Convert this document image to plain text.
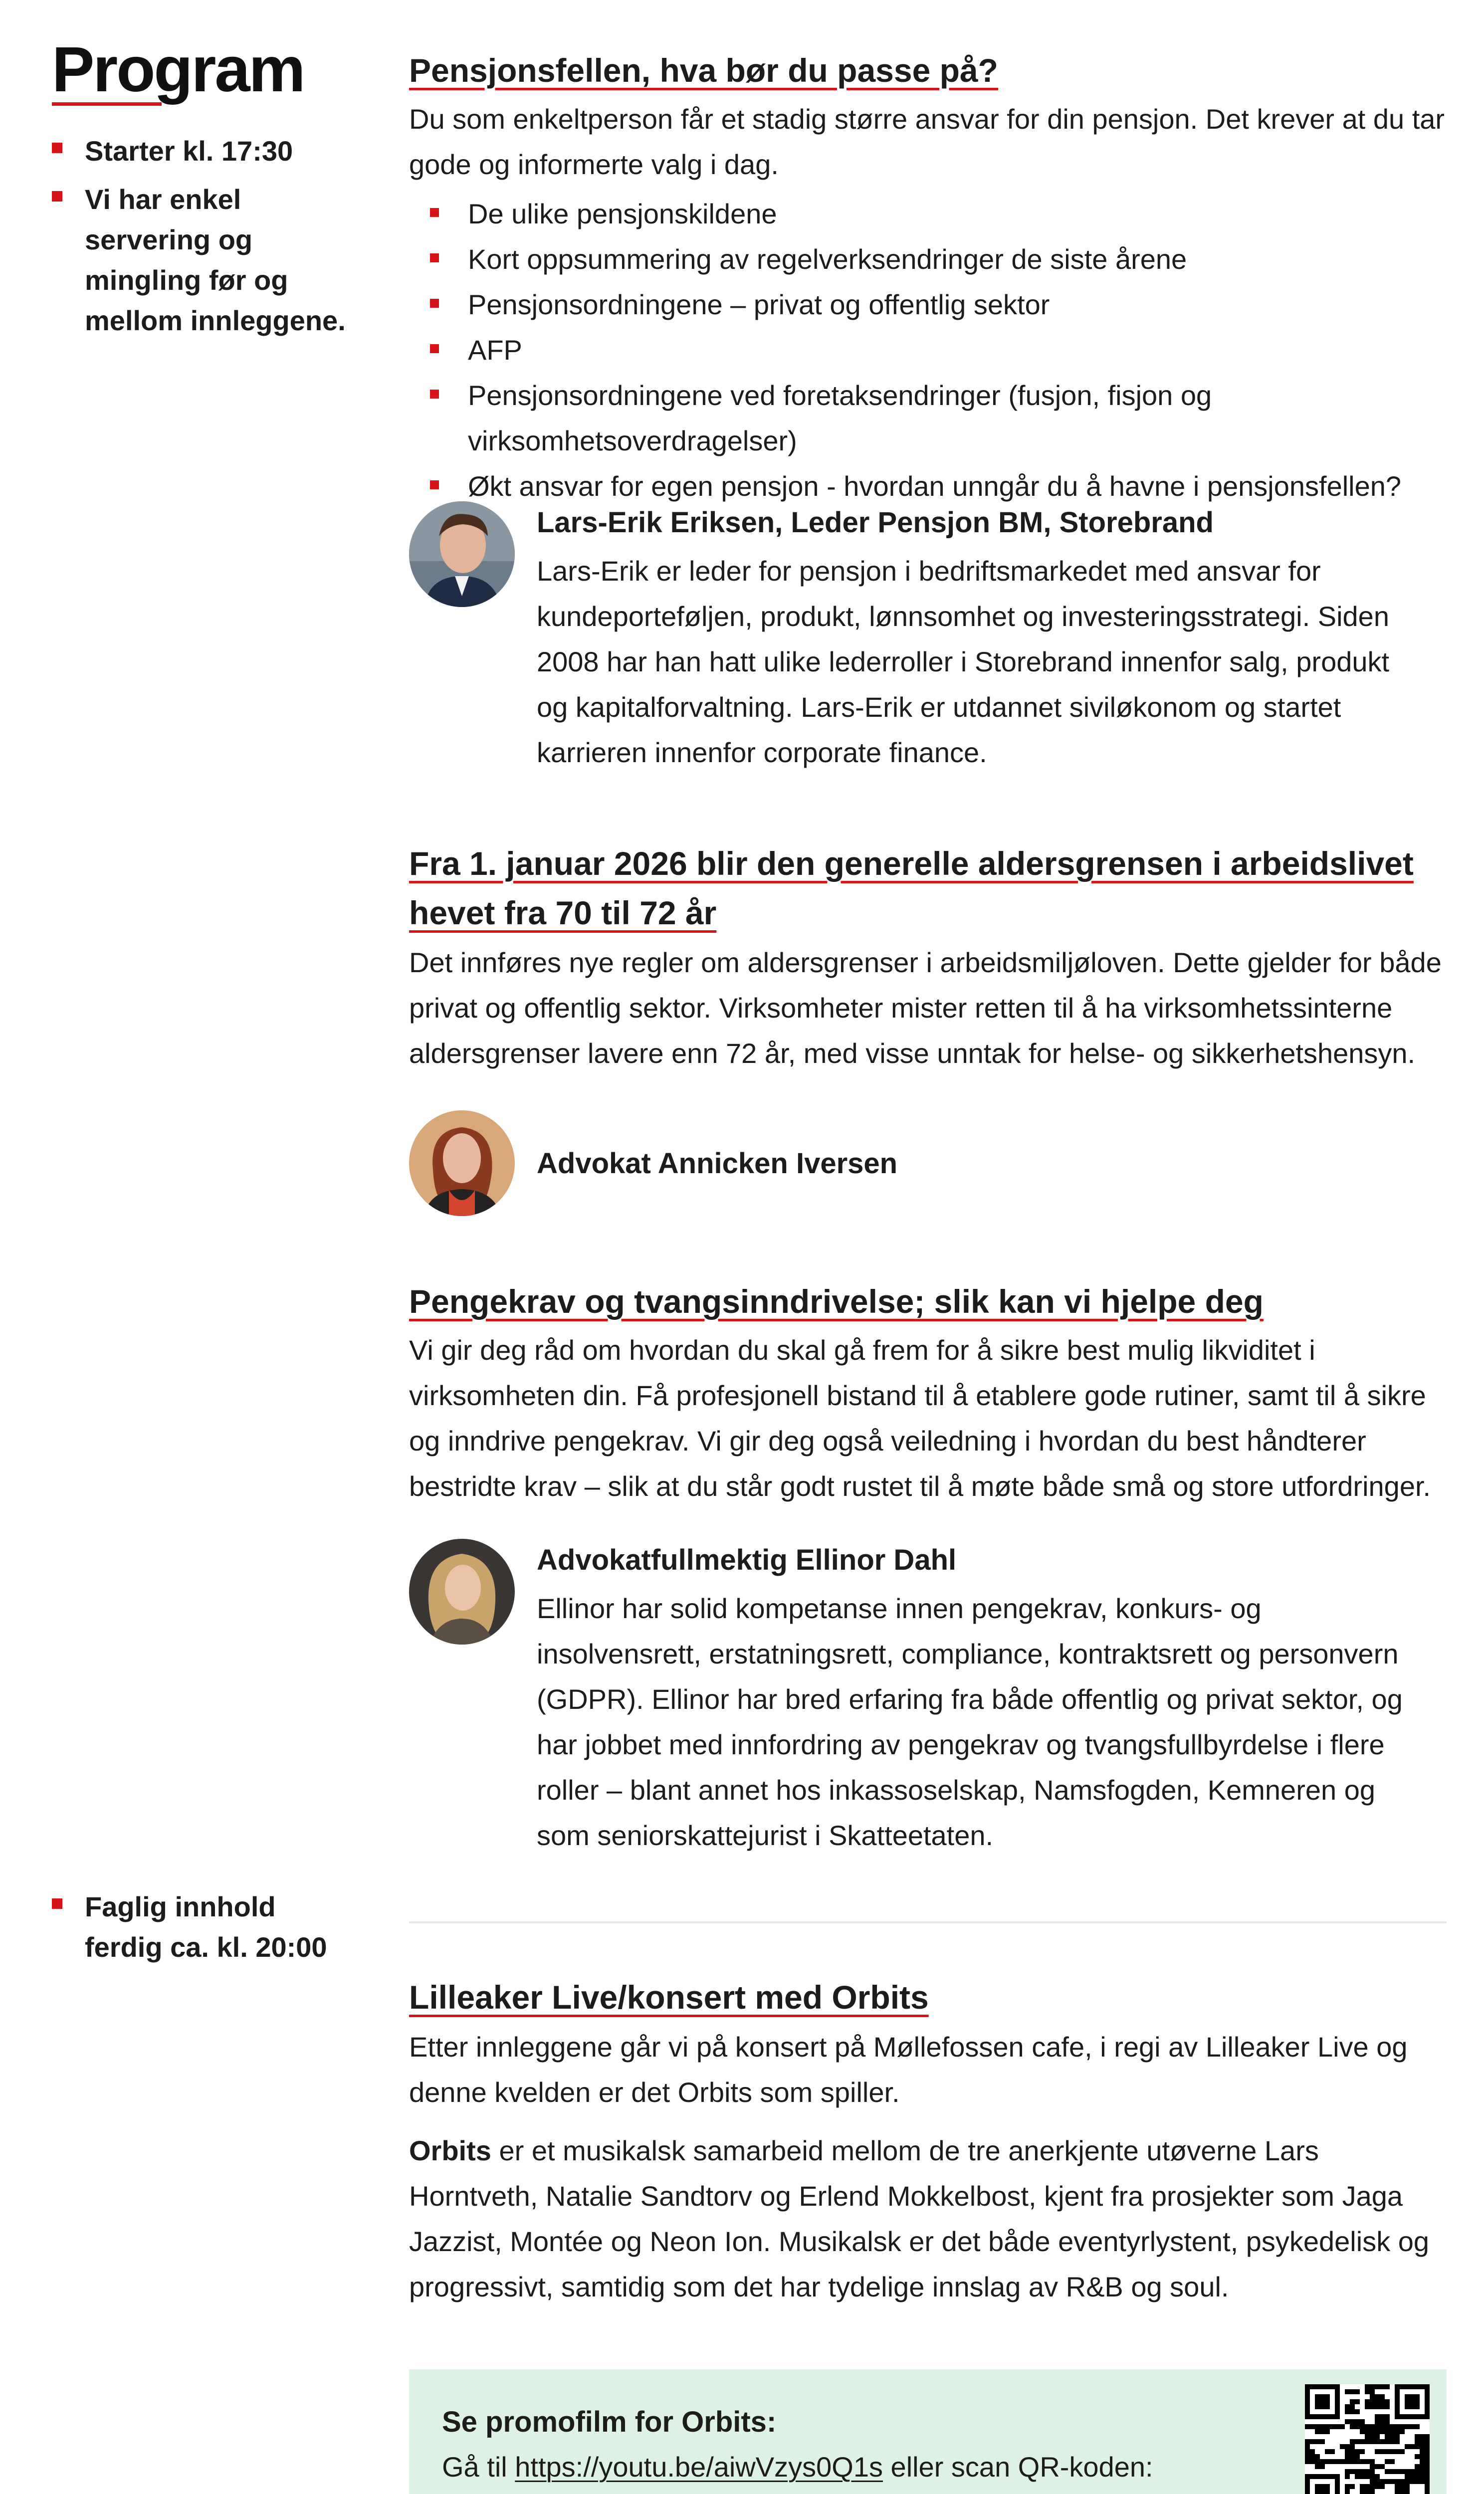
Program
Starter kl. 17:30
Vi har enkel servering og mingling før og mellom innleggene.
Faglig innhold ferdig ca. kl. 20:00
Pensjonsfellen, hva bør du passe på?

Du som enkeltperson får et stadig større ansvar for din pensjon. Det krever at du tar gode og informerte valg i dag.

De ulike pensjonskildene
Kort oppsummering av regelverksendringer de siste årene
Pensjonsordningene – privat og offentlig sektor
AFP
Pensjonsordningene ved foretaksendringer (fusjon, fisjon og virksomhetsoverdragelser)
Økt ansvar for egen pensjon - hvordan unngår du å havne i pensjonsfellen?
Lars-Erik Eriksen, Leder Pensjon BM, Storebrand

Lars-Erik er leder for pensjon i bedriftsmarkedet med ansvar for kundeporteføljen, produkt, lønnsomhet og investeringsstrategi. Siden 2008 har han hatt ulike lederroller i Storebrand innenfor salg, produkt og kapitalforvaltning. Lars-Erik er utdannet siviløkonom og startet karrieren innenfor corporate finance.

Fra 1. januar 2026 blir den generelle aldersgrensen i arbeidslivet hevet fra 70 til 72 år

Det innføres nye regler om aldersgrenser i arbeidsmiljøloven. Dette gjelder for både privat og offentlig sektor. Virksomheter mister retten til å ha virksomhetssinterne aldersgrenser lavere enn 72 år, med visse unntak for helse- og sikkerhetshensyn.

Advokat Annicken Iversen
Pengekrav og tvangsinndrivelse; slik kan vi hjelpe deg

Vi gir deg råd om hvordan du skal gå frem for å sikre best mulig likviditet i virksomheten din. Få profesjonell bistand til å etablere gode rutiner, samt til å sikre og inndrive pengekrav. Vi gir deg også veiledning i hvordan du best håndterer bestridte krav – slik at du står godt rustet til å møte både små og store utfordringer.

Advokatfullmektig Ellinor Dahl

Ellinor har solid kompetanse innen pengekrav, konkurs- og insolvensrett, erstatningsrett, compliance, kontraktsrett og personvern (GDPR). Ellinor har bred erfaring fra både offentlig og privat sektor, og har jobbet med innfordring av pengekrav og tvangsfullbyrdelse i flere roller – blant annet hos inkassoselskap, Namsfogden, Kemneren og som seniorskattejurist i Skatteetaten.

Lilleaker Live/konsert med Orbits

Etter innleggene går vi på konsert på Møllefossen cafe, i regi av Lilleaker Live og denne kvelden er det Orbits som spiller.

Orbits er et musikalsk samarbeid mellom de tre anerkjente utøverne Lars Horntveth, Natalie Sandtorv og Erlend Mokkelbost, kjent fra prosjekter som Jaga Jazzist, Montée og Neon Ion. Musikalsk er det både eventyrlystent, psykedelisk og progressivt, samtidig som det har tydelige innslag av R&B og soul.

Se promofilm for Orbits:
Gå til https://youtu.be/aiwVzys0Q1s eller scan QR-koden:
